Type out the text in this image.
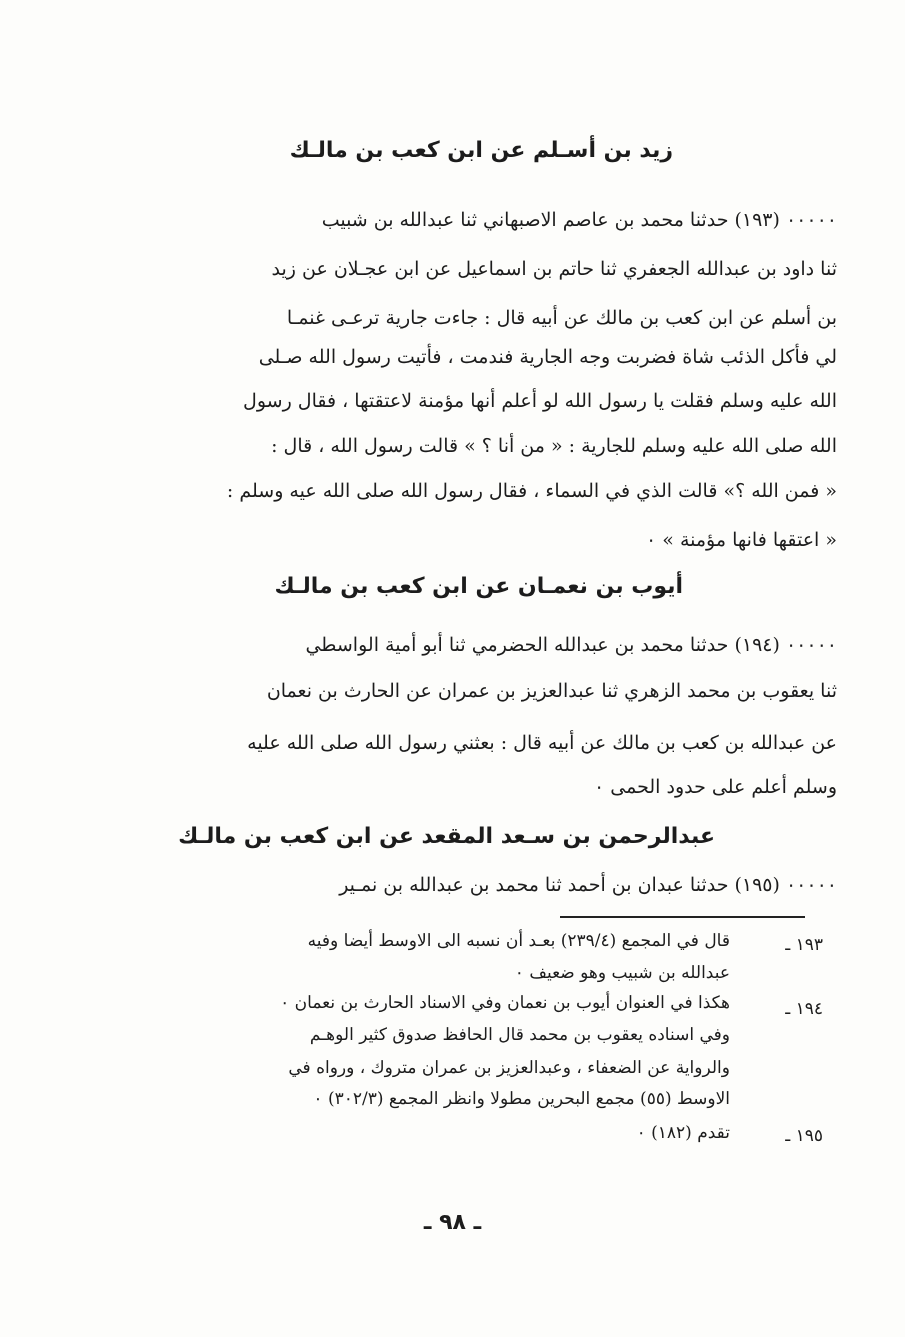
زيد بن أسـلم عن ابن كعب بن مالـك
٠٠٠٠٠ (١٩٣) حدثنا محمد بن عاصم الاصبهاني ثنا عبدالله بن شبيب
ثنا داود بن عبدالله الجعفري ثنا حاتم بن اسماعيل عن ابن عجـلان عن زيد
بن أسلم عن ابن كعب بن مالك عن أبيه قال : جاءت جارية ترعـى غنمـا
لي فأكل الذئب شاة فضربت وجه الجارية فندمت ، فأتيت رسول الله صـلى
الله عليه وسلم فقلت يا رسول الله لو أعلم أنها مؤمنة لاعتقتها ، فقال رسول
الله صلى الله عليه وسلم للجارية : « من أنا ؟ » قالت رسول الله ، قال :
« فمن الله ؟» قالت الذي في السماء ، فقال رسول الله صلى الله عيه وسلم :
« اعتقها فانها مؤمنة » ٠
أيوب بن نعمـان عن ابن كعب بن مالـك
٠٠٠٠٠ (١٩٤) حدثنا محمد بن عبدالله الحضرمي ثنا أبو أمية الواسطي
ثنا يعقوب بن محمد الزهري ثنا عبدالعزيز بن عمران عن الحارث بن نعمان
عن عبدالله بن كعب بن مالك عن أبيه قال : بعثني رسول الله صلى الله عليه
وسلم أعلم على حدود الحمى ٠
عبدالرحمن بن سـعد المقعد عن ابن كعب بن مالـك
٠٠٠٠٠ (١٩٥) حدثنا عبدان بن أحمد ثنا محمد بن عبدالله بن نمـير
١٩٣ ـ
قال في المجمع (٢٣٩/٤) بعـد أن نسبه الى الاوسط أيضا وفيه
عبدالله بن شبيب وهو ضعيف ٠
١٩٤ ـ
هكذا في العنوان أيوب بن نعمان وفي الاسناد الحارث بن نعمان ٠
وفي اسناده يعقوب بن محمد قال الحافظ صدوق كثير الوهـم
والرواية عن الضعفاء ، وعبدالعزيز بن عمران متروك ، ورواه في
الاوسط (٥٥) مجمع البحرين مطولا وانظر المجمع (٣٠٢/٣) ٠
١٩٥ ـ
تقدم (١٨٢) ٠
ـ ٩٨ ـ
